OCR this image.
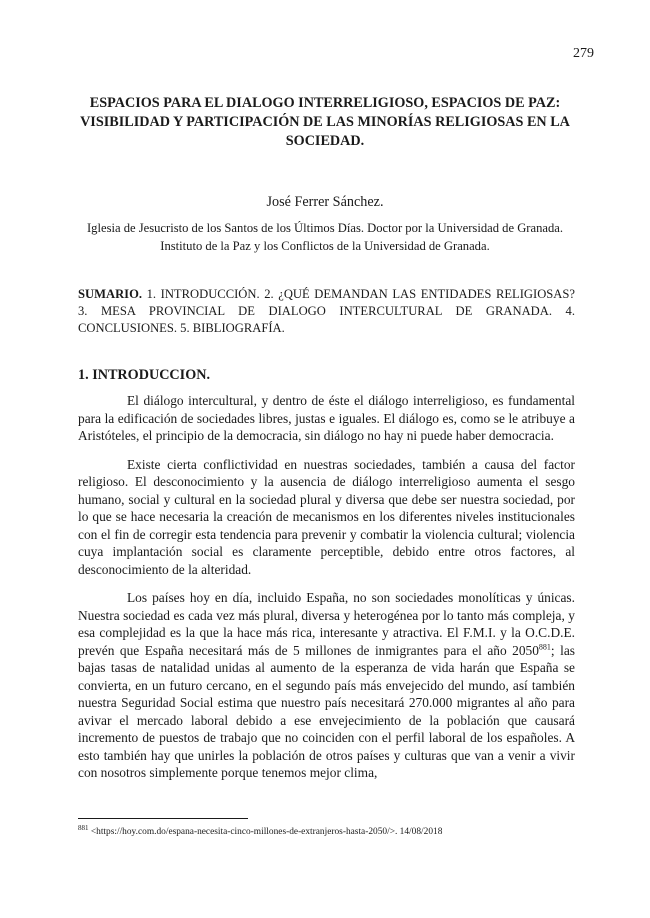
279
ESPACIOS PARA EL DIALOGO INTERRELIGIOSO, ESPACIOS DE PAZ: VISIBILIDAD Y PARTICIPACIÓN DE LAS MINORÍAS RELIGIOSAS EN LA SOCIEDAD.
José Ferrer Sánchez.
Iglesia de Jesucristo de los Santos de los Últimos Días. Doctor por la Universidad de Granada.
Instituto de la Paz y los Conflictos de la Universidad de Granada.
SUMARIO. 1. INTRODUCCIÓN. 2. ¿QUÉ DEMANDAN LAS ENTIDADES RELIGIOSAS? 3. MESA PROVINCIAL DE DIALOGO INTERCULTURAL DE GRANADA. 4. CONCLUSIONES. 5. BIBLIOGRAFÍA.
1. INTRODUCCION.

El diálogo intercultural, y dentro de éste el diálogo interreligioso, es fundamental para la edificación de sociedades libres, justas e iguales. El diálogo es, como se le atribuye a Aristóteles, el principio de la democracia, sin diálogo no hay ni puede haber democracia.

Existe cierta conflictividad en nuestras sociedades, también a causa del factor religioso. El desconocimiento y la ausencia de diálogo interreligioso aumenta el sesgo humano, social y cultural en la sociedad plural y diversa que debe ser nuestra sociedad, por lo que se hace necesaria la creación de mecanismos en los diferentes niveles institucionales con el fin de corregir esta tendencia para prevenir y combatir la violencia cultural; violencia cuya implantación social es claramente perceptible, debido entre otros factores, al desconocimiento de la alteridad.

Los países hoy en día, incluido España, no son sociedades monolíticas y únicas. Nuestra sociedad es cada vez más plural, diversa y heterogénea por lo tanto más compleja, y esa complejidad es la que la hace más rica, interesante y atractiva. El F.M.I. y la O.C.D.E. prevén que España necesitará más de 5 millones de inmigrantes para el año 2050$^{881}$; las bajas tasas de natalidad unidas al aumento de la esperanza de vida harán que España se convierta, en un futuro cercano, en el segundo país más envejecido del mundo, así también nuestra Seguridad Social estima que nuestro país necesitará 270.000 migrantes al año para avivar el mercado laboral debido a ese envejecimiento de la población que causará incremento de puestos de trabajo que no coinciden con el perfil laboral de los españoles. A esto también hay que unirles la población de otros países y culturas que van a venir a vivir con nosotros simplemente porque tenemos mejor clima,

$^{881}$ <https://hoy.com.do/espana-necesita-cinco-millones-de-extranjeros-hasta-2050/>. 14/08/2018
